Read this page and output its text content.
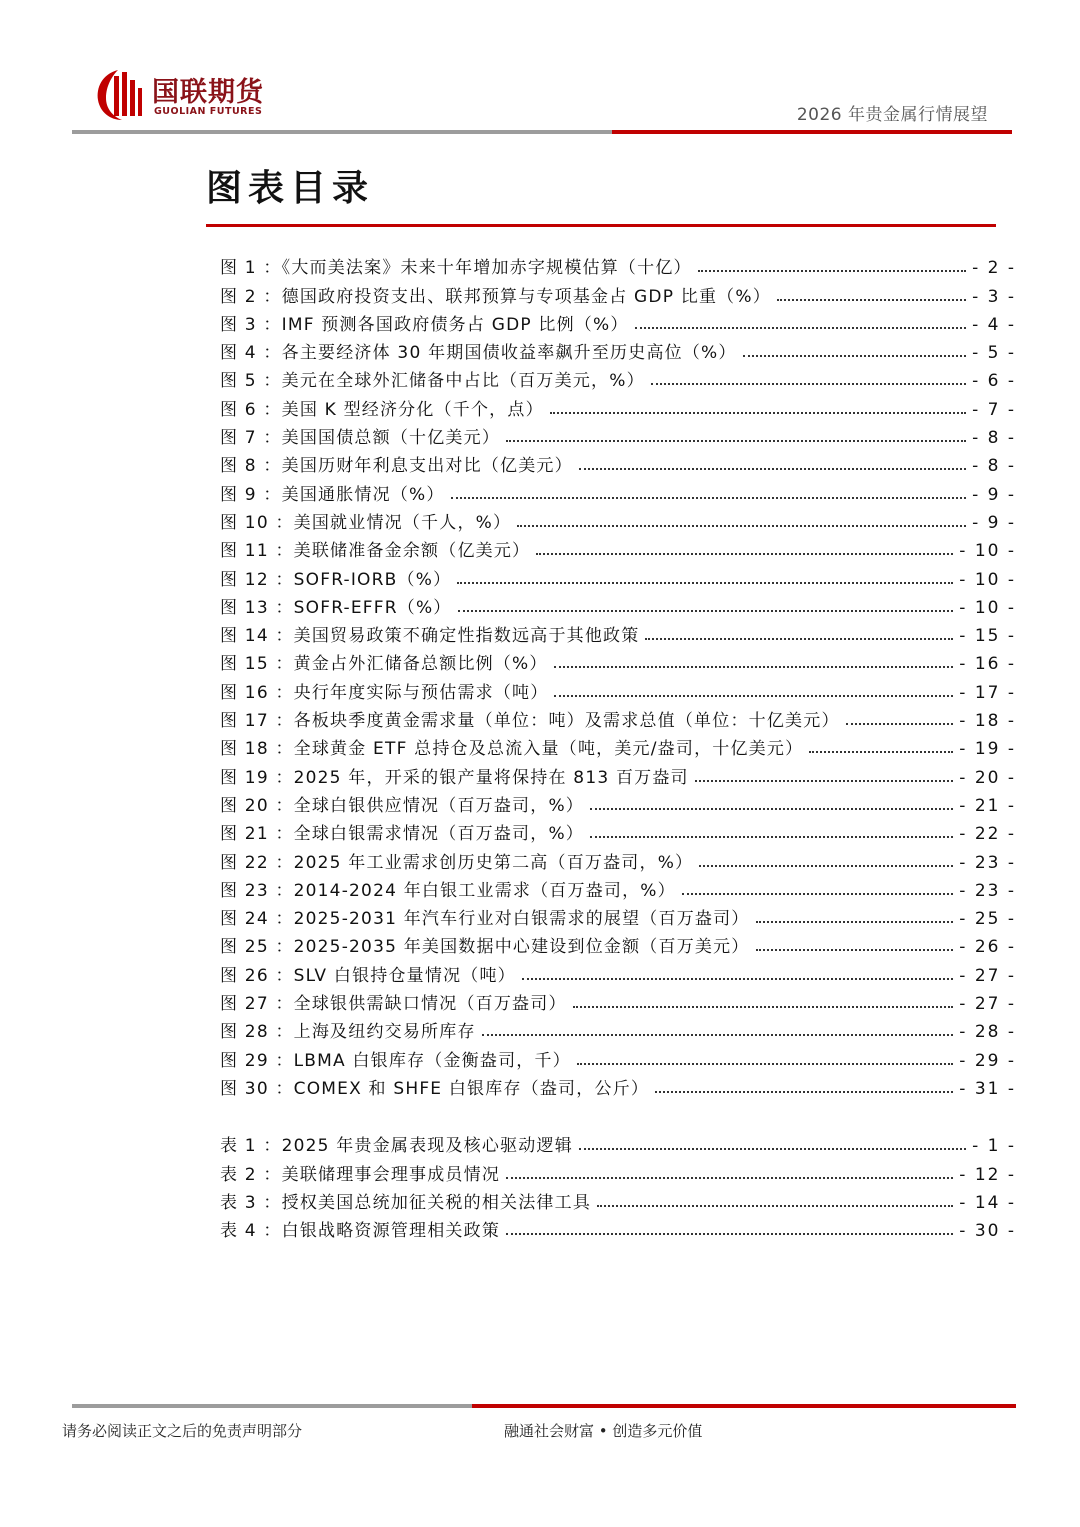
国联期货
GUOLIAN FUTURES	2026 年贵金属行情展望
图表目录
图 1 ：《大而美法案》未来十年增加赤字规模估算（十亿）	- 2 -
图 2 ：德国政府投资支出、联邦预算与专项基金占 GDP 比重（%）	- 3 -
图 3 ：IMF 预测各国政府债务占 GDP 比例（%）	- 4 -
图 4 ：各主要经济体 30 年期国债收益率飙升至历史高位（%）	- 5 -
图 5 ：美元在全球外汇储备中占比（百万美元，%）	- 6 -
图 6 ：美国 K 型经济分化（千个，点）	- 7 -
图 7 ：美国国债总额（十亿美元）	- 8 -
图 8 ：美国历财年利息支出对比（亿美元）	- 8 -
图 9 ：美国通胀情况（%）	- 9 -
图 10 ：美国就业情况（千人，%）	- 9 -
图 11 ：美联储准备金余额（亿美元）	- 10 -
图 12 ：SOFR-IORB（%）	- 10 -
图 13 ：SOFR-EFFR（%）	- 10 -
图 14 ：美国贸易政策不确定性指数远高于其他政策	- 15 -
图 15 ：黄金占外汇储备总额比例（%）	- 16 -
图 16 ：央行年度实际与预估需求（吨）	- 17 -
图 17 ：各板块季度黄金需求量（单位：吨）及需求总值（单位：十亿美元）	- 18 -
图 18 ：全球黄金 ETF 总持仓及总流入量（吨，美元/盎司，十亿美元）	- 19 -
图 19 ：2025 年，开采的银产量将保持在 813 百万盎司	- 20 -
图 20 ：全球白银供应情况（百万盎司，%）	- 21 -
图 21 ：全球白银需求情况（百万盎司，%）	- 22 -
图 22 ：2025 年工业需求创历史第二高（百万盎司，%）	- 23 -
图 23 ：2014-2024 年白银工业需求（百万盎司，%）	- 23 -
图 24 ：2025-2031 年汽车行业对白银需求的展望（百万盎司）	- 25 -
图 25 ：2025-2035 年美国数据中心建设到位金额（百万美元）	- 26 -
图 26 ：SLV 白银持仓量情况（吨）	- 27 -
图 27 ：全球银供需缺口情况（百万盎司）	- 27 -
图 28 ：上海及纽约交易所库存	- 28 -
图 29 ：LBMA 白银库存（金衡盎司，千）	- 29 -
图 30 ：COMEX 和 SHFE 白银库存（盎司，公斤）	- 31 -
表 1 ：2025 年贵金属表现及核心驱动逻辑	- 1 -
表 2 ：美联储理事会理事成员情况	- 12 -
表 3 ：授权美国总统加征关税的相关法律工具	- 14 -
表 4 ：白银战略资源管理相关政策	- 30 -
请务必阅读正文之后的免责声明部分	融通社会财富 • 创造多元价值
